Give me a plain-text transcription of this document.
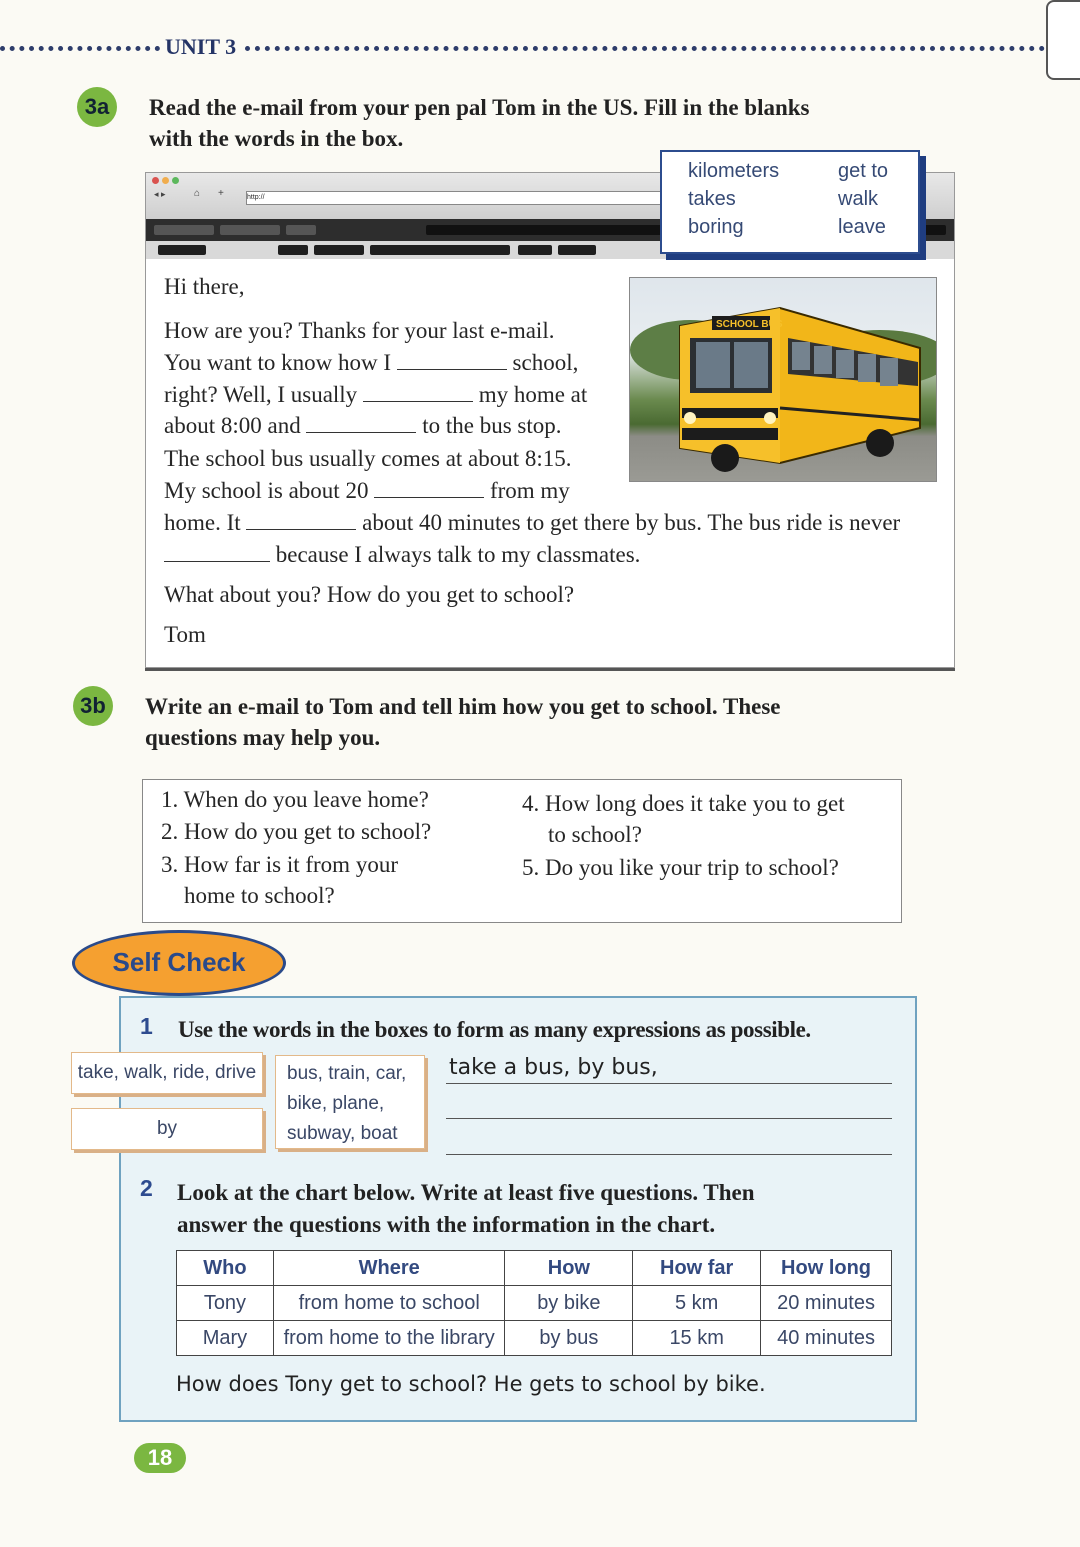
UNIT 3
3a	Read the e-mail from your pen pal Tom in the US. Fill in the blanks
with the words in the box.
kilometers
takes
boring
get to
walk
leave
◂ ▸	⌂ +	http://
Hi there,
How are you? Thanks for your last e-mail.
You want to know how I	school,
right? Well, I usually	my home at
about 8:00 and	to the bus stop.
The school bus usually comes at about 8:15.
My school is about 20	from my
home. It	about 40 minutes to get there by bus. The bus ride is never
because I always talk to my classmates.
What about you? How do you get to school?
Tom
SCHOOL BUS
3b	Write an e-mail to Tom and tell him how you get to school. These
questions may help you.
1. When do you leave home?
2. How do you get to school?
3. How far is it from your
home to school?
4. How long does it take you to get
to school?
5. Do you like your trip to school?
Self Check
1 Use the words in the boxes to form as many expressions as possible.
take, walk, ride, drive
by
bus, train, car,
bike, plane,
subway, boat
take a bus, by bus,
2 Look at the chart below. Write at least five questions. Then
answer the questions with the information in the chart.
Who	Where	How	How far	How long
Tony	from home to school	by bike	5 km	20 minutes
Mary	from home to the library	by bus	15 km	40 minutes
How does Tony get to school? He gets to school by bike.
18
